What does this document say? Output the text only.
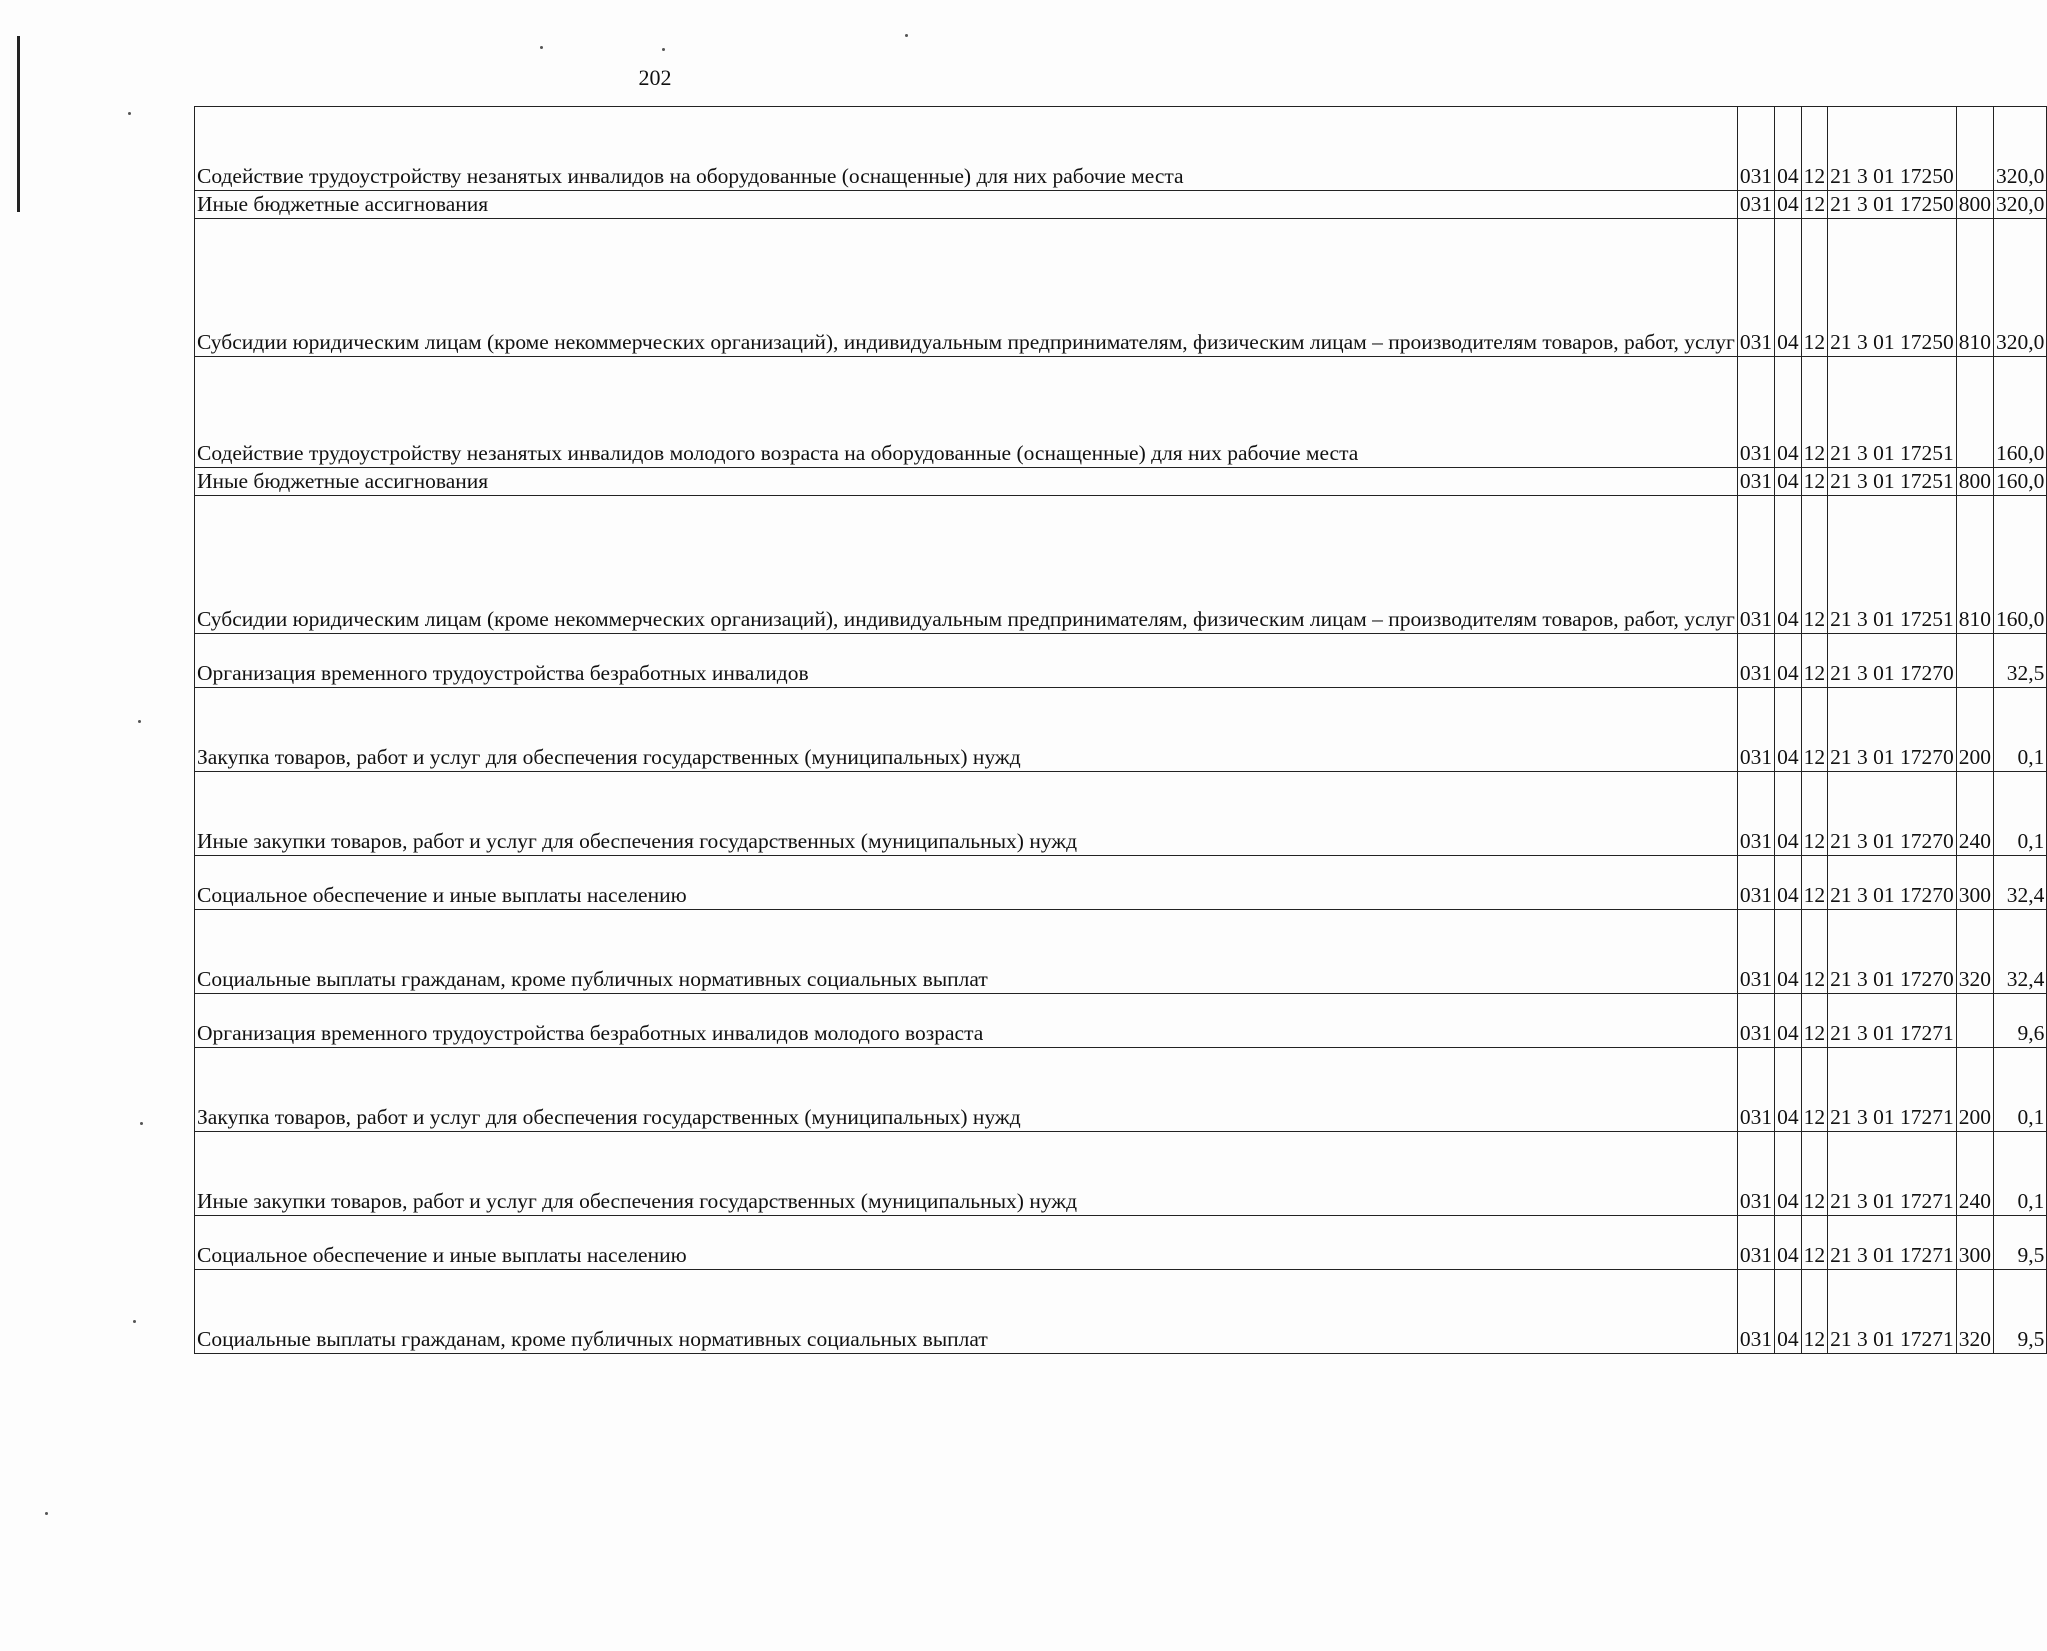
202
Содействие трудоустройству незанятых инвалидов на оборудованные (оснащенные) для них рабочие места	031	04	12	21 3 01 17250		320,0
Иные бюджетные ассигнования	031	04	12	21 3 01 17250	800	320,0
Субсидии юридическим лицам (кроме некоммерческих организаций), индивидуальным предпринимателям, физическим лицам – производителям товаров, работ, услуг	031	04	12	21 3 01 17250	810	320,0
Содействие трудоустройству незанятых инвалидов молодого возраста на оборудованные (оснащенные) для них рабочие места	031	04	12	21 3 01 17251		160,0
Иные бюджетные ассигнования	031	04	12	21 3 01 17251	800	160,0
Субсидии юридическим лицам (кроме некоммерческих организаций), индивидуальным предпринимателям, физическим лицам – производителям товаров, работ, услуг	031	04	12	21 3 01 17251	810	160,0
Организация временного трудоустройства безработных инвалидов	031	04	12	21 3 01 17270		32,5
Закупка товаров, работ и услуг для обеспечения государственных (муниципальных) нужд	031	04	12	21 3 01 17270	200	0,1
Иные закупки товаров, работ и услуг для обеспечения государственных (муниципальных) нужд	031	04	12	21 3 01 17270	240	0,1
Социальное обеспечение и иные выплаты населению	031	04	12	21 3 01 17270	300	32,4
Социальные выплаты гражданам, кроме публичных нормативных социальных выплат	031	04	12	21 3 01 17270	320	32,4
Организация временного трудоустройства безработных инвалидов молодого возраста	031	04	12	21 3 01 17271		9,6
Закупка товаров, работ и услуг для обеспечения государственных (муниципальных) нужд	031	04	12	21 3 01 17271	200	0,1
Иные закупки товаров, работ и услуг для обеспечения государственных (муниципальных) нужд	031	04	12	21 3 01 17271	240	0,1
Социальное обеспечение и иные выплаты населению	031	04	12	21 3 01 17271	300	9,5
Социальные выплаты гражданам, кроме публичных нормативных социальных выплат	031	04	12	21 3 01 17271	320	9,5
